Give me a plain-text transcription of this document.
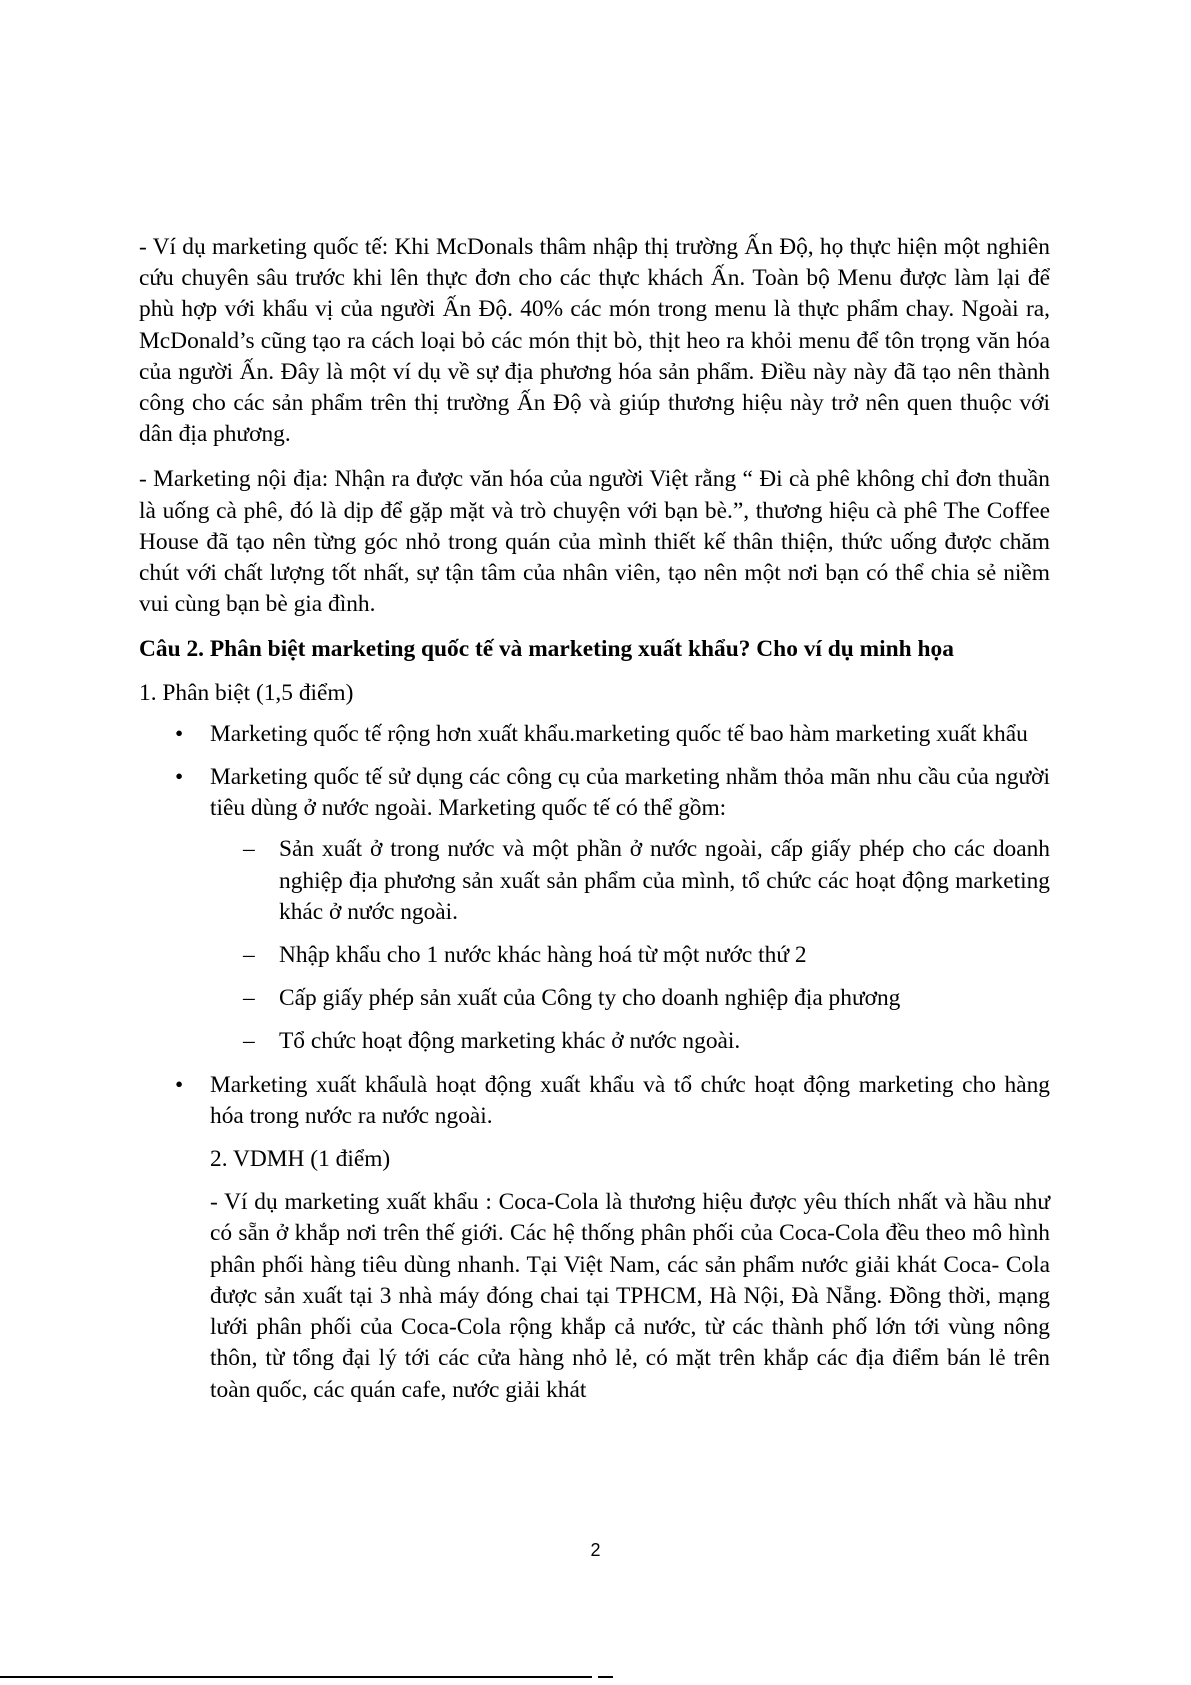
- Ví dụ marketing quốc tế: Khi McDonals thâm nhập thị trường Ấn Độ, họ thực hiện một nghiên cứu chuyên sâu trước khi lên thực đơn cho các thực khách Ấn. Toàn bộ Menu được làm lại để phù hợp với khẩu vị của người Ấn Độ. 40% các món trong menu là thực phẩm chay. Ngoài ra, McDonald’s cũng tạo ra cách loại bỏ các món thịt bò, thịt heo ra khỏi menu để tôn trọng văn hóa của người Ấn. Đây là một ví dụ về sự địa phương hóa sản phẩm. Điều này này đã tạo nên thành công cho các sản phẩm trên thị trường Ấn Độ và giúp thương hiệu này trở nên quen thuộc với dân địa phương.

- Marketing nội địa: Nhận ra được văn hóa của người Việt rằng “ Đi cà phê không chỉ đơn thuần là uống cà phê, đó là dịp để gặp mặt và trò chuyện với bạn bè.”, thương hiệu cà phê The Coffee House đã tạo nên từng góc nhỏ trong quán của mình thiết kế thân thiện, thức uống được chăm chút với chất lượng tốt nhất, sự tận tâm của nhân viên, tạo nên một nơi bạn có thể chia sẻ niềm vui cùng bạn bè gia đình.

Câu 2. Phân biệt marketing quốc tế và marketing xuất khẩu? Cho ví dụ minh họa

1. Phân biệt (1,5 điểm)

• Marketing quốc tế rộng hơn xuất khẩu.marketing quốc tế bao hàm marketing xuất khẩu
• Marketing quốc tế sử dụng các công cụ của marketing nhằm thỏa mãn nhu cầu của người tiêu dùng ở nước ngoài. Marketing quốc tế có thể gồm:
– Sản xuất ở trong nước và một phần ở nước ngoài, cấp giấy phép cho các doanh nghiệp địa phương sản xuất sản phẩm của mình, tổ chức các hoạt động marketing khác ở nước ngoài.
– Nhập khẩu cho 1 nước khác hàng hoá từ một nước thứ 2
– Cấp giấy phép sản xuất của Công ty cho doanh nghiệp địa phương
– Tổ chức hoạt động marketing khác ở nước ngoài.
• Marketing xuất khẩulà hoạt động xuất khẩu và tổ chức hoạt động marketing cho hàng hóa trong nước ra nước ngoài.

2. VDMH (1 điểm)

- Ví dụ marketing xuất khẩu : Coca-Cola là thương hiệu được yêu thích nhất và hầu như có sẵn ở khắp nơi trên thế giới. Các hệ thống phân phối của Coca-Cola đều theo mô hình phân phối hàng tiêu dùng nhanh. Tại Việt Nam, các sản phẩm nước giải khát Coca- Cola được sản xuất tại 3 nhà máy đóng chai tại TPHCM, Hà Nội, Đà Nẵng. Đồng thời, mạng lưới phân phối của Coca-Cola rộng khắp cả nước, từ các thành phố lớn tới vùng nông thôn, từ tổng đại lý tới các cửa hàng nhỏ lẻ, có mặt trên khắp các địa điểm bán lẻ trên toàn quốc, các quán cafe, nước giải khát

2
